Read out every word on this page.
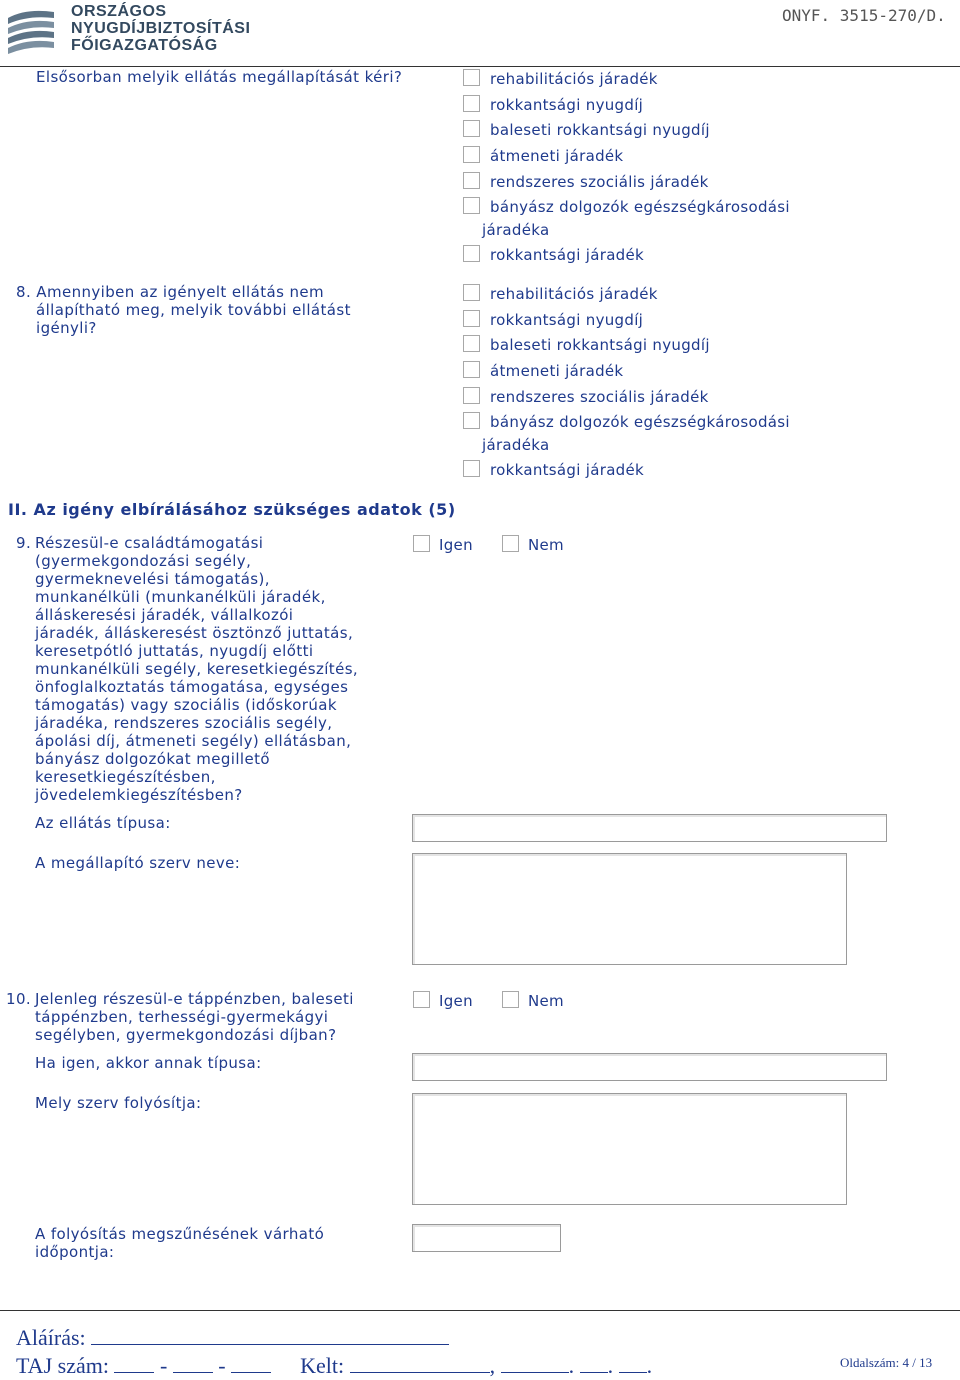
ORSZÁGOS
NYUGDÍJBIZTOSÍTÁSI
FŐIGAZGATÓSÁG
ONYF. 3515-270/D.
Elsősorban melyik ellátás megállapítását kéri?	rehabilitációs járadék
rokkantsági nyugdíj
baleseti rokkantsági nyugdíj
átmeneti járadék
rendszeres szociális járadék
bányász dolgozók egészségkárosodási
járadéka
rokkantsági járadék
8. Amennyiben az igényelt ellátás nem
állapítható meg, melyik további ellátást
igényli?
rehabilitációs járadék
rokkantsági nyugdíj
baleseti rokkantsági nyugdíj
átmeneti járadék
rendszeres szociális járadék
bányász dolgozók egészségkárosodási
járadéka
rokkantsági járadék
II. Az igény elbírálásához szükséges adatok (5)
9. Részesül-e családtámogatási
(gyermekgondozási segély,
gyermeknevelési támogatás),
munkanélküli (munkanélküli járadék,
álláskeresési járadék, vállalkozói
járadék, álláskeresést ösztönző juttatás,
keresetpótló juttatás, nyugdíj előtti
munkanélküli segély, keresetkiegészítés,
önfoglalkoztatás támogatása, egységes
támogatás) vagy szociális (időskorúak
járadéka, rendszeres szociális segély,
ápolási díj, átmeneti segély) ellátásban,
bányász dolgozókat megillető
keresetkiegészítésben,
jövedelemkiegészítésben?
Igen	Nem
Az ellátás típusa:
A megállapító szerv neve:
10. Jelenleg részesül-e táppénzben, baleseti
táppénzben, terhességi-gyermekágyi
segélyben, gyermekgondozási díjban?
Igen	Nem
Ha igen, akkor annak típusa:
Mely szerv folyósítja:
A folyósítás megszűnésének várható
időpontja:
Aláírás:
TAJ szám: - -	Kelt:	,	. . .	Oldalszám: 4 / 13
